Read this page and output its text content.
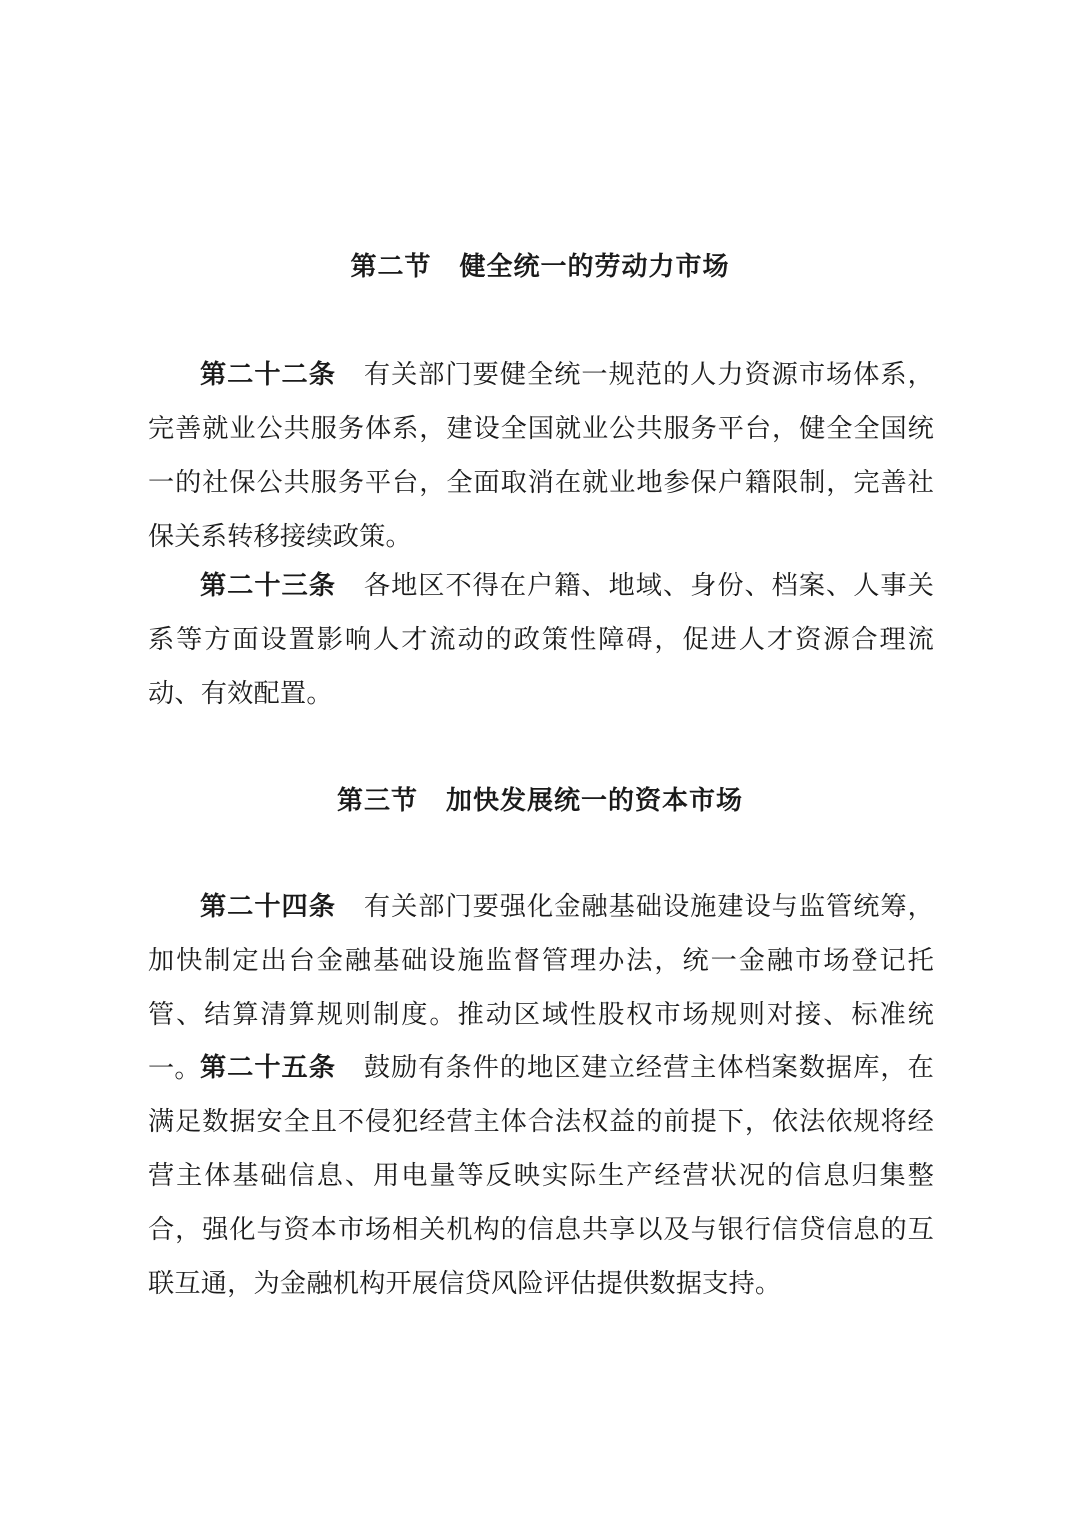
第二节 健全统一的劳动力市场

第二十二条 有关部门要健全统一规范的人力资源市场体系，完善就业公共服务体系，建设全国就业公共服务平台，健全全国统一的社保公共服务平台，全面取消在就业地参保户籍限制，完善社保关系转移接续政策。

第二十三条 各地区不得在户籍、地域、身份、档案、人事关系等方面设置影响人才流动的政策性障碍，促进人才资源合理流动、有效配置。

第三节 加快发展统一的资本市场

第二十四条 有关部门要强化金融基础设施建设与监管统筹，加快制定出台金融基础设施监督管理办法，统一金融市场登记托管、结算清算规则制度。推动区域性股权市场规则对接、标准统一。 第二十五条 鼓励有条件的地区建立经营主体档案数据库，在满足数据安全且不侵犯经营主体合法权益的前提下，依法依规将经营主体基础信息、用电量等反映实际生产经营状况的信息归集整合，强化与资本市场相关机构的信息共享以及与银行信贷信息的互联互通，为金融机构开展信贷风险评估提供数据支持。
